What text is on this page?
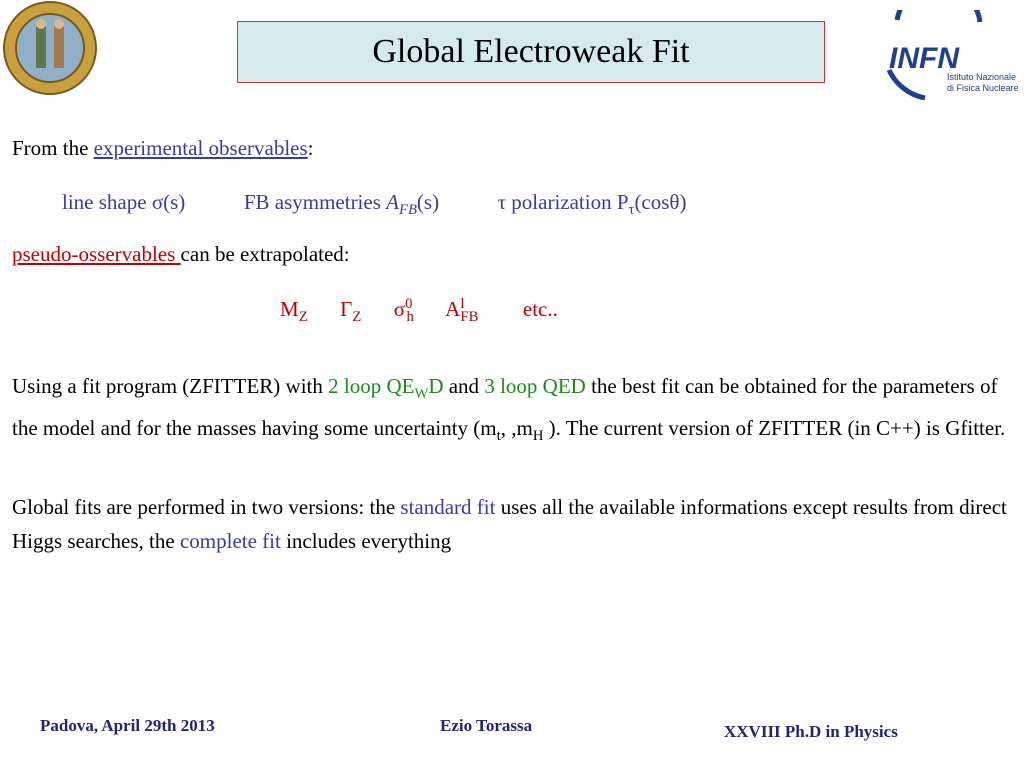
Global Electroweak Fit	INFN
Istituto Nazionale
di Fisica Nucleare
From the experimental observables:
line shape σ(s)	FB asymmetries $A_{FB}(s)$	τ polarization $P_\tau(\cos\theta)$
pseudo-osservables can be extrapolated:
$M_Z$ $\Gamma_Z$ $\sigma^0_h$ $A^l_{FB}$ etc..
Using a fit program (ZFITTER) with 2 loop $QE_WD$ and 3 loop QED the best fit can be obtained for the parameters of the model and for the masses having some uncertainty ($m_t$, $,m_H$ ). The current version of ZFITTER (in C++) is Gfitter.
Global fits are performed in two versions: the standard fit uses all the available informations except results from direct Higgs searches, the complete fit includes everything
Padova, April 29th 2013	Ezio Torassa	XXVIII Ph.D in Physics
